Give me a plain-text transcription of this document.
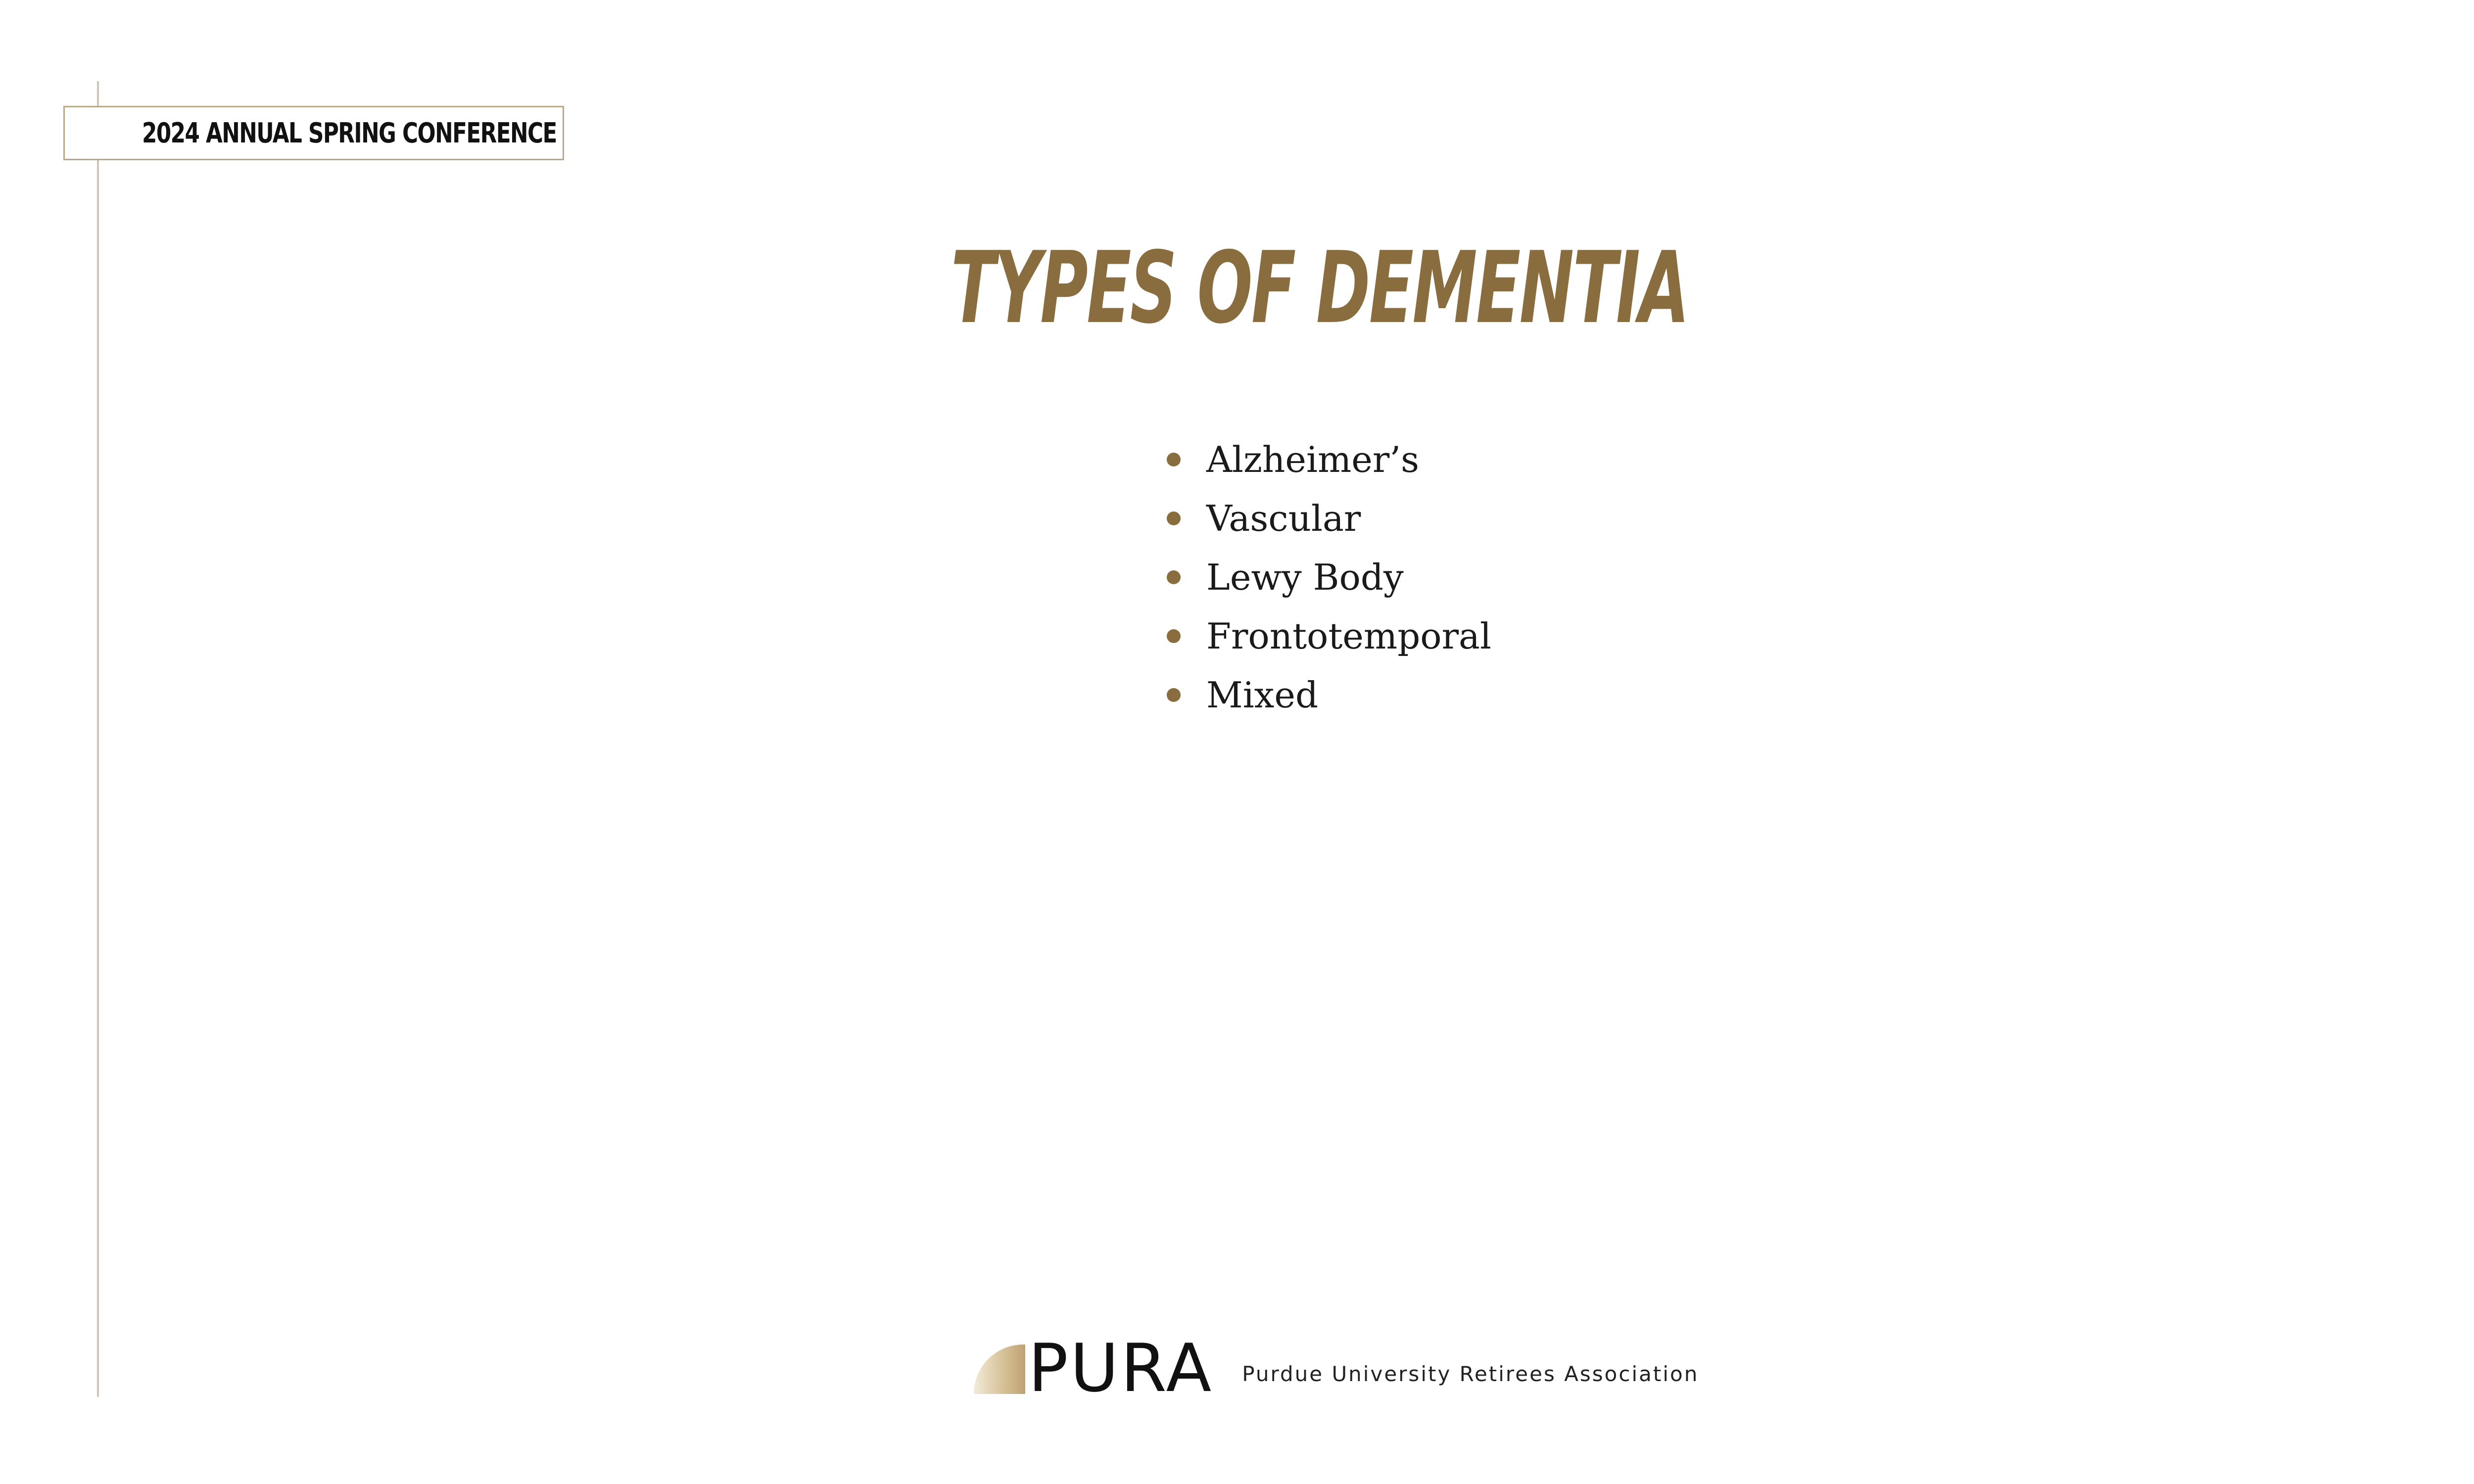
2024 ANNUAL SPRING CONFERENCE
TYPES OF DEMENTIA
Alzheimer’s
Vascular
Lewy Body
Frontotemporal
Mixed
PURA Purdue University Retirees Association
